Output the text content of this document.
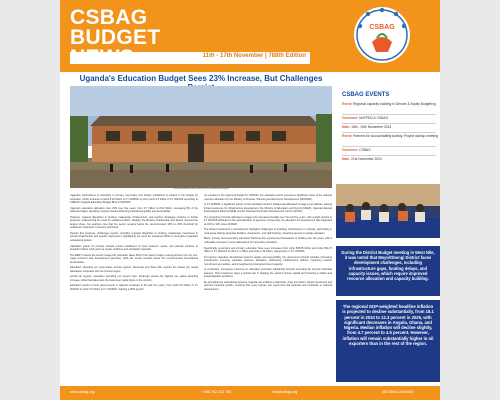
CSBAG
BUDGET
11th - 17th November | 788th Edition
CSBAG
Uganda's Education Budget Sees 23% Increase, But Challenges
Classroom blocks at a school in the Karamoja sub-region

Uganda's commitment to education in primary, secondary and tertiary institutions is evident in the budget for education, which amounts to Ushs 8.02 trillion in FY 2025/26 up from Ushs 6.5 trillion in FY 2024/25 according to CSBAG's Uganda Education Budget Brief FY2025/26.

Uganda's education allocation rose 23% over five years, from 6.7 trillion to 8.02 trillion, averaging 8% of the national budget, signaling progress toward achieving educational quality and accessibility.

However, regional disparities in funding, inadequate infrastructure, and teacher shortages continue to hinder progress, underscoring the need for sustained efforts. Notably, the Ministry of Education and Sports received the largest share, but analysts note that the sector remains below the recommended 15% to 20% threshold for sustained investment in learning outcomes.

Despite this progress, challenges persist, including regional disparities in funding, inadequate investment in school infrastructure and teacher deployment, highlighting the need for sustained efforts to strengthen Uganda's educational system.

Capitation grants for primary schools remain insufficient to cover learners' needs, and parents continue to shoulder hidden costs such as meals, uniforms and scholastic materials.

The BEST reviews the sector's wage bill; education takes 60% of the sector budget, leaving limited room for non-wage recurrent and development spending, while the sector remains below the recommended international benchmarks.

Education spending per pupil varies across regions; Karamoja and West Nile register the lowest per capita allocations compared with the Central region.

Across all regions, education spending per person rose; Karamoja posted the highest per capita spending increase, while Kampala posts the lowest per capita figure in the country.

Education grants to local governments in Uganda increased in the last five years, from Ushs 2.8 trillion in FY 2020/21 to Ushs 3.5 trillion in FY 2025/26, marking a 25% growth.

As revealed in the approved budget FY 2025/26, the education sector received a significant share of the national resource allocation by the Ministry of Finance, Planning and Economic Development (MoFPED).

In FY 2025/26, a significant portion of the education sector's budget was allocated to wages and salaries, leaving limited resources for infrastructure development, the Ministry of Education and Sports (MoES), Uganda National Examinations Board (UNEB) and the National Curriculum Development Centre (NCDC).

The proportion of funds allocated to wages has increased steadily over the last five years, with a slight decline in FY 2024/25 attributed to the rationalization of agencies. Conversely, the allocation for development has stagnated at 10% to 11% since 2019/20.

The limited investment in development highlights challenges in providing infrastructure in schools, particularly in rural areas lacking adequate facilities, classrooms, and staff housing, impacting access to quality education.

Basic, primary and secondary education financing has experienced fluctuations in funding over the years, with a noticeable increase in recent allocations for secondary education.

Specifically, secondary and primary education have seen increases from Ushs 538.86 billion and Ushs 694.73 billion in FY 2021/22 to Ushs 1.1 trillion and Ushs 1.05 trillion, respectively, in FY 2025/26.

To improve Uganda's educational system's quality and accessibility, the government should consider increasing investments, ensuring equitable resource allocation, addressing infrastructure deficits, improving teacher recruitment and welfare, and strengthening local government capacity.

In conclusion, increasing resources to education promotes substantial benefits extending far beyond individual learners. This investment plays a pivotal role in shaping the nation's human capital and fostering a skilled and knowledgeable workforce.

By strengthening educational systems, Uganda can enhance productivity, drive innovation, attract investment and promote inclusive growth, ensuring that every learner can reach their full potential and contribute to national development.

CSBAG EVENTS
Event: Regional capacity building in Gender & Equity Budgeting
Convener: MoFPED & CSBAG
Date: 18th - 20th November 2024
Event: Partners for Accountability Activity, Project startup meeting
Convener: CSBAG
Date: 21st November 2024
#OBUDGET25
During the District Budget meeting in West Nile, it was noted that Moyo/Obongi District faces development challenges, including infrastructure gaps, funding delays, and capacity issues, which require improved resource allocation and capacity building.
The regional GDP-weighted headline inflation is projected to decline substantially, from 18.1 percent in 2024 to 12.3 percent in 2025, with significant decreases in Angola, Ghana, and Nigeria. Median inflation will decline slightly, from 4.7 percent to 4.5 percent. However, inflation will remain substantially higher in oil exporters than in the rest of the region.
www.csbag.org	+256 782 222 756	info@csbag.org	@CSBAGUGANDA
